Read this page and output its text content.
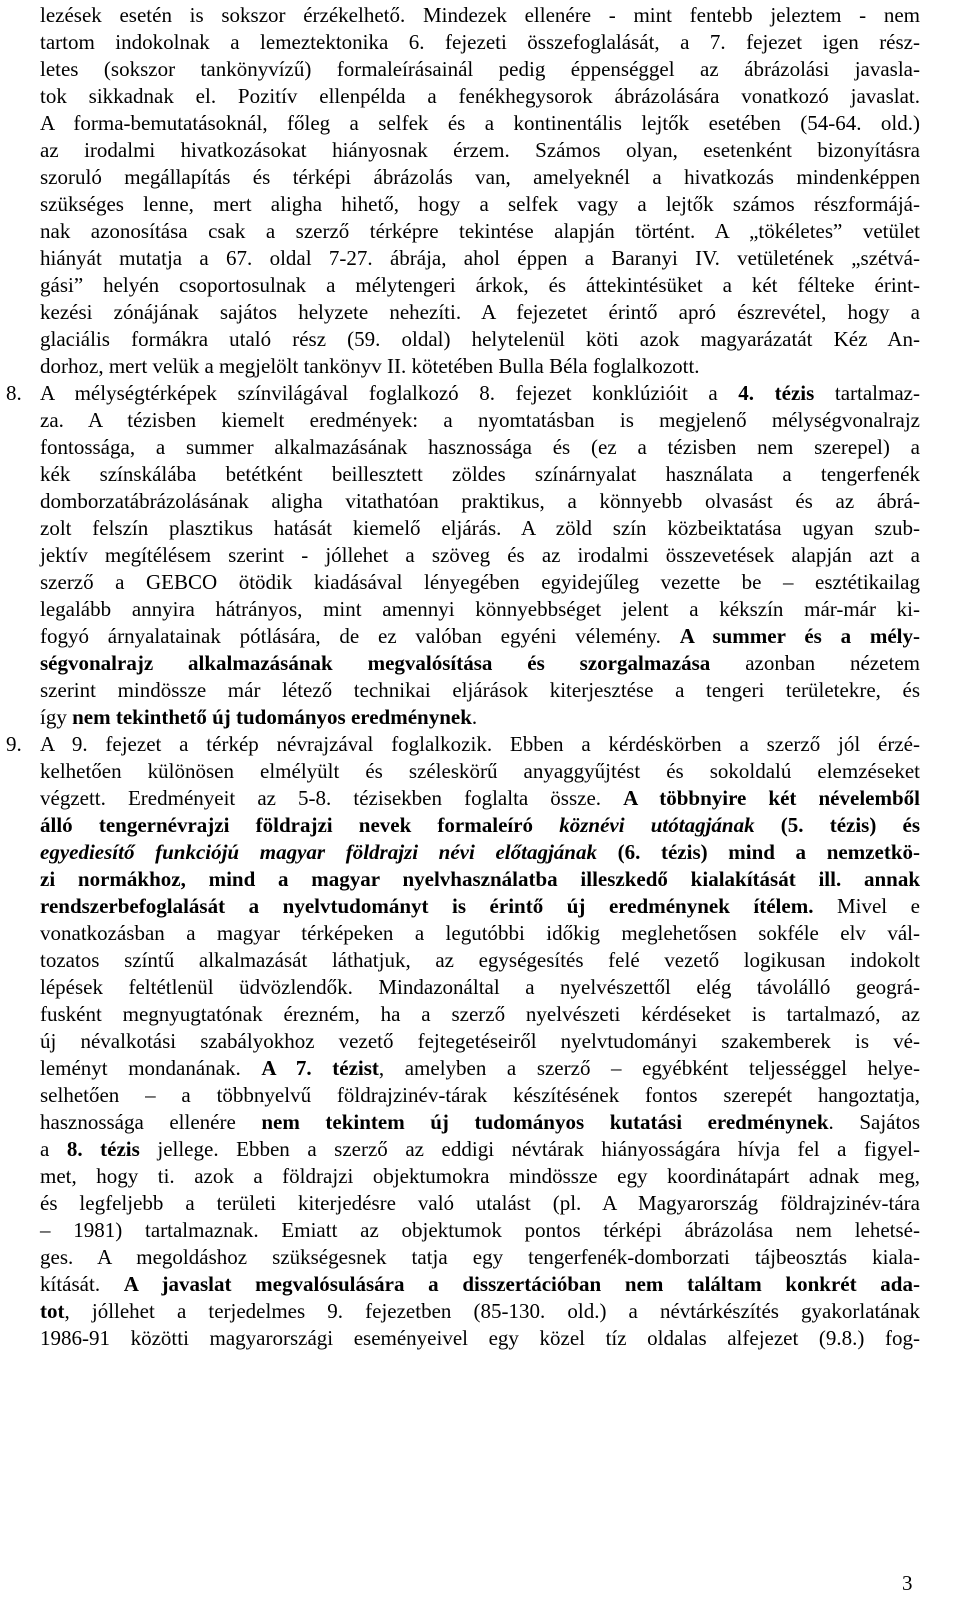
lezések esetén is sokszor érzékelhető. Mindezek ellenére - mint fentebb jeleztem - nem
tartom indokolnak a lemeztektonika 6. fejezeti összefoglalását, a 7. fejezet igen rész-
letes (sokszor tankönyvízű) formaleírásainál pedig éppenséggel az ábrázolási javasla-
tok sikkadnak el. Pozitív ellenpélda a fenékhegysorok ábrázolására vonatkozó javaslat.
A forma-bemutatásoknál, főleg a selfek és a kontinentális lejtők esetében (54-64. old.)
az irodalmi hivatkozásokat hiányosnak érzem. Számos olyan, esetenként bizonyításra
szoruló megállapítás és térképi ábrázolás van, amelyeknél a hivatkozás mindenképpen
szükséges lenne, mert aligha hihető, hogy a selfek vagy a lejtők számos részformájá-
nak azonosítása csak a szerző térképre tekintése alapján történt. A „tökéletes” vetület
hiányát mutatja a 67. oldal 7-27. ábrája, ahol éppen a Baranyi IV. vetületének „szétvá-
gási” helyén csoportosulnak a mélytengeri árkok, és áttekintésüket a két félteke érint-
kezési zónájának sajátos helyzete nehezíti. A fejezetet érintő apró észrevétel, hogy a
glaciális formákra utaló rész (59. oldal) helytelenül köti azok magyarázatát Kéz An-
dorhoz, mert velük a megjelölt tankönyv II. kötetében Bulla Béla foglalkozott.
8. A mélységtérképek színvilágával foglalkozó 8. fejezet konklúzióit a 4. tézis tartalmaz-
za. A tézisben kiemelt eredmények: a nyomtatásban is megjelenő mélységvonalrajz
fontossága, a summer alkalmazásának hasznossága és (ez a tézisben nem szerepel) a
kék színskálába betétként beillesztett zöldes színárnyalat használata a tengerfenék
domborzatábrázolásának aligha vitathatóan praktikus, a könnyebb olvasást és az ábrá-
zolt felszín plasztikus hatását kiemelő eljárás. A zöld szín közbeiktatása ugyan szub-
jektív megítélésem szerint - jóllehet a szöveg és az irodalmi összevetések alapján azt a
szerző a GEBCO ötödik kiadásával lényegében egyidejűleg vezette be – esztétikailag
legalább annyira hátrányos, mint amennyi könnyebbséget jelent a kékszín már-már ki-
fogyó árnyalatainak pótlására, de ez valóban egyéni vélemény. A summer és a mély-
ségvonalrajz alkalmazásának megvalósítása és szorgalmazása azonban nézetem
szerint mindössze már létező technikai eljárások kiterjesztése a tengeri területekre, és
így nem tekinthető új tudományos eredménynek.
9. A 9. fejezet a térkép névrajzával foglalkozik. Ebben a kérdéskörben a szerző jól érzé-
kelhetően különösen elmélyült és széleskörű anyaggyűjtést és sokoldalú elemzéseket
végzett. Eredményeit az 5-8. tézisekben foglalta össze. A többnyire két névelemből
álló tengernévrajzi földrajzi nevek formaleíró köznévi utótagjának (5. tézis) és
egyediesítő funkciójú magyar földrajzi névi előtagjának (6. tézis) mind a nemzetkö-
zi normákhoz, mind a magyar nyelvhasználatba illeszkedő kialakítását ill. annak
rendszerbefoglalását a nyelvtudományt is érintő új eredménynek ítélem. Mivel e
vonatkozásban a magyar térképeken a legutóbbi időkig meglehetősen sokféle elv vál-
tozatos színtű alkalmazását láthatjuk, az egységesítés felé vezető logikusan indokolt
lépések feltétlenül üdvözlendők. Mindazonáltal a nyelvészettől elég távolálló geográ-
fusként megnyugtatónak érezném, ha a szerző nyelvészeti kérdéseket is tartalmazó, az
új névalkotási szabályokhoz vezető fejtegetéseiről nyelvtudományi szakemberek is vé-
leményt mondanának. A 7. tézist, amelyben a szerző – egyébként teljességgel helye-
selhetően – a többnyelvű földrajzinév-tárak készítésének fontos szerepét hangoztatja,
hasznossága ellenére nem tekintem új tudományos kutatási eredménynek. Sajátos
a 8. tézis jellege. Ebben a szerző az eddigi névtárak hiányosságára hívja fel a figyel-
met, hogy ti. azok a földrajzi objektumokra mindössze egy koordinátapárt adnak meg,
és legfeljebb a területi kiterjedésre való utalást (pl. A Magyarország földrajzinév-tára
– 1981) tartalmaznak. Emiatt az objektumok pontos térképi ábrázolása nem lehetsé-
ges. A megoldáshoz szükségesnek tatja egy tengerfenék-domborzati tájbeosztás kiala-
kítását. A javaslat megvalósulására a disszertációban nem találtam konkrét ada-
tot, jóllehet a terjedelmes 9. fejezetben (85-130. old.) a névtárkészítés gyakorlatának
1986-91 közötti magyarországi eseményeivel egy közel tíz oldalas alfejezet (9.8.) fog-
3
